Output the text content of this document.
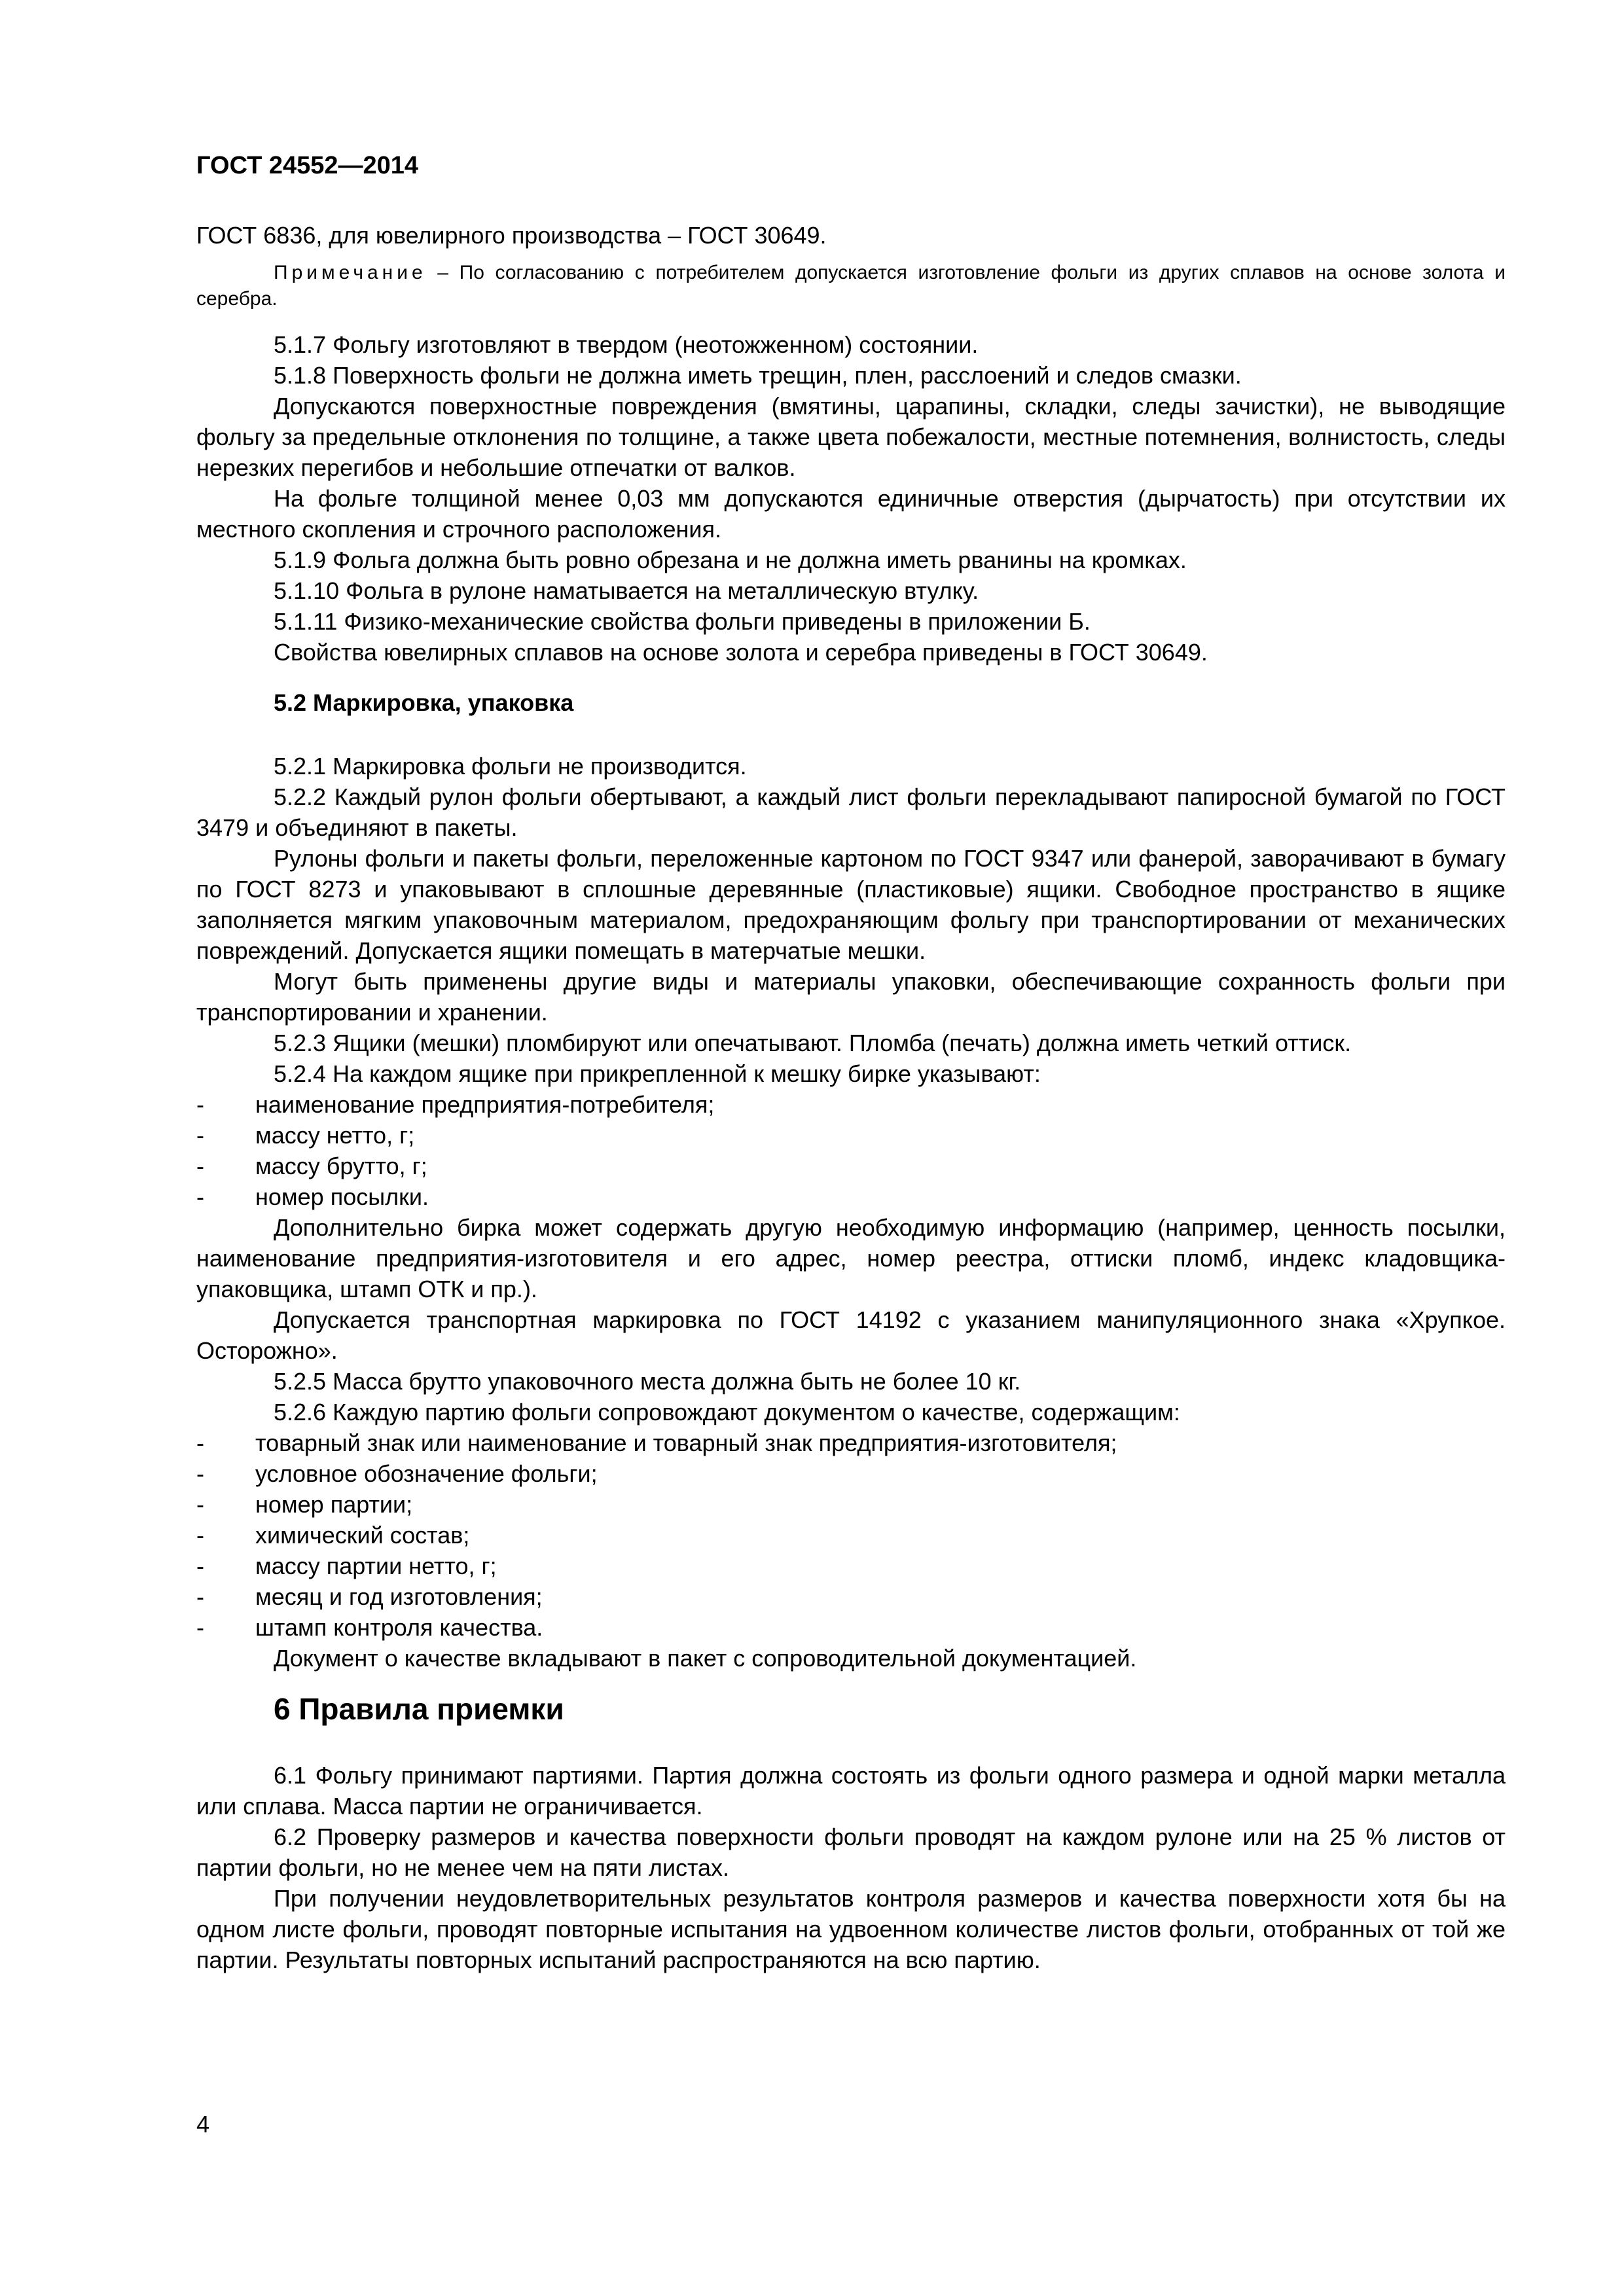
ГОСТ 24552—2014

ГОСТ 6836, для ювелирного производства – ГОСТ 30649.

Примечание – По согласованию с потребителем допускается изготовление фольги из других сплавов на основе золота и серебра.

5.1.7 Фольгу изготовляют в твердом (неотожженном) состоянии.

5.1.8 Поверхность фольги не должна иметь трещин, плен, расслоений и следов смазки.

Допускаются поверхностные повреждения (вмятины, царапины, складки, следы зачистки), не выводящие фольгу за предельные отклонения по толщине, а также цвета побежалости, местные потемнения, волнистость, следы нерезких перегибов и небольшие отпечатки от валков.

На фольге толщиной менее 0,03 мм допускаются единичные отверстия (дырчатость) при отсутствии их местного скопления и строчного расположения.

5.1.9 Фольга должна быть ровно обрезана и не должна иметь рванины на кромках.

5.1.10 Фольга в рулоне наматывается на металлическую втулку.

5.1.11 Физико-механические свойства фольги приведены в приложении Б.

Свойства ювелирных сплавов на основе золота и серебра приведены в ГОСТ 30649.

5.2 Маркировка, упаковка

5.2.1 Маркировка фольги не производится.

5.2.2 Каждый рулон фольги обертывают, а каждый лист фольги перекладывают папиросной бумагой по ГОСТ 3479 и объединяют в пакеты.

Рулоны фольги и пакеты фольги, переложенные картоном по ГОСТ 9347 или фанерой, заворачивают в бумагу по ГОСТ 8273 и упаковывают в сплошные деревянные (пластиковые) ящики. Свободное пространство в ящике заполняется мягким упаковочным материалом, предохраняющим фольгу при транспортировании от механических повреждений. Допускается ящики помещать в матерчатые мешки.

Могут быть применены другие виды и материалы упаковки, обеспечивающие сохранность фольги при транспортировании и хранении.

5.2.3 Ящики (мешки) пломбируют или опечатывают. Пломба (печать) должна иметь четкий оттиск.

5.2.4 На каждом ящике при прикрепленной к мешку бирке указывают:

-	наименование предприятия-потребителя;
-	массу нетто, г;
-	массу брутто, г;
-	номер посылки.

Дополнительно бирка может содержать другую необходимую информацию (например, ценность посылки, наименование предприятия-изготовителя и его адрес, номер реестра, оттиски пломб, индекс кладовщика-упаковщика, штамп ОТК и пр.).

Допускается транспортная маркировка по ГОСТ 14192 с указанием манипуляционного знака «Хрупкое. Осторожно».

5.2.5 Масса брутто упаковочного места должна быть не более 10 кг.

5.2.6 Каждую партию фольги сопровождают документом о качестве, содержащим:

-	товарный знак или наименование и товарный знак предприятия-изготовителя;
-	условное обозначение фольги;
-	номер партии;
-	химический состав;
-	массу партии нетто, г;
-	месяц и год изготовления;
-	штамп контроля качества.

Документ о качестве вкладывают в пакет с сопроводительной документацией.

6 Правила приемки

6.1 Фольгу принимают партиями. Партия должна состоять из фольги одного размера и одной марки металла или сплава. Масса партии не ограничивается.

6.2 Проверку размеров и качества поверхности фольги проводят на каждом рулоне или на 25 % листов от партии фольги, но не менее чем на пяти листах.

При получении неудовлетворительных результатов контроля размеров и качества поверхности хотя бы на одном листе фольги, проводят повторные испытания на удвоенном количестве листов фольги, отобранных от той же партии. Результаты повторных испытаний распространяются на всю партию.

4
